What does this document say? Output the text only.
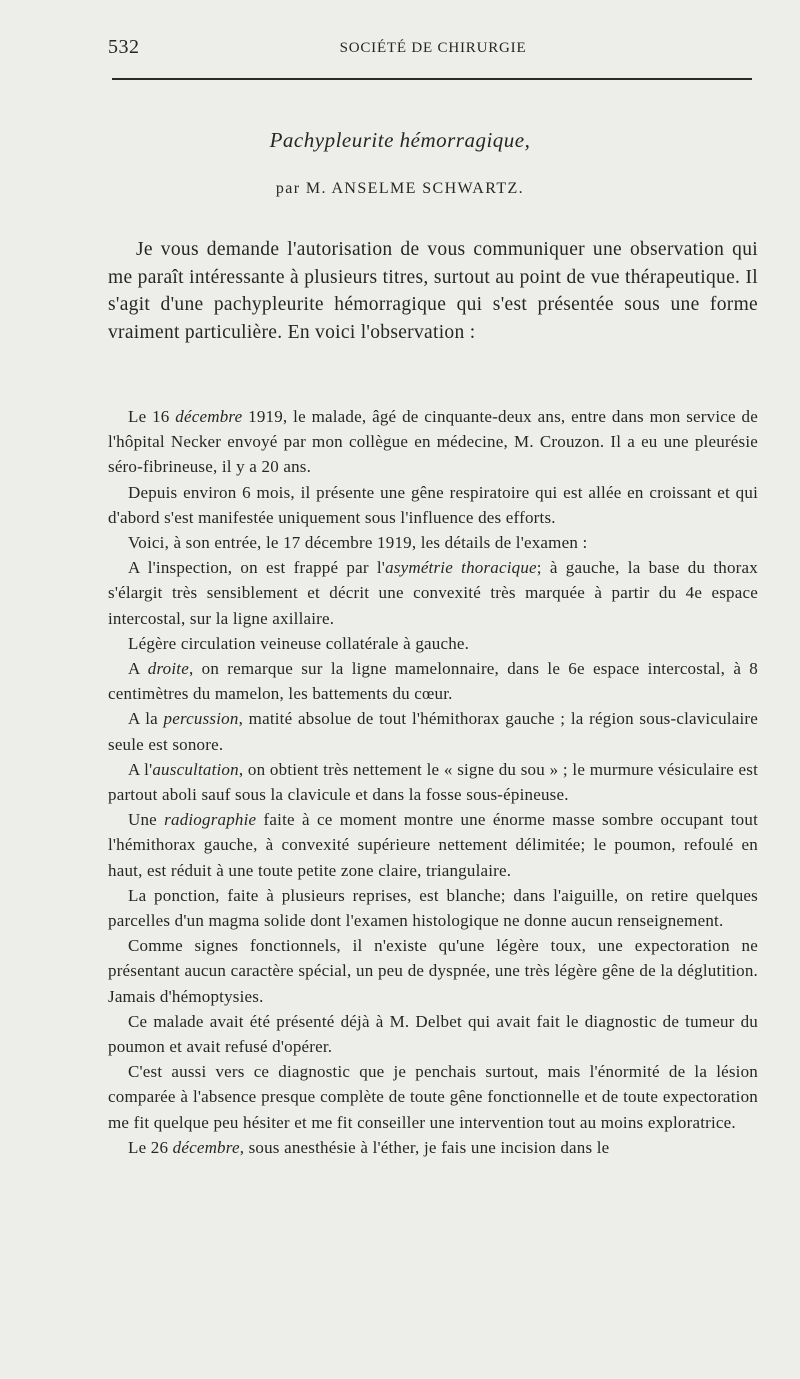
532	SOCIÉTÉ DE CHIRURGIE
Pachypleurite hémorragique,
par M. ANSELME SCHWARTZ.

Je vous demande l'autorisation de vous communiquer une observation qui me paraît intéressante à plusieurs titres, surtout au point de vue thérapeutique. Il s'agit d'une pachypleurite hémorragique qui s'est présentée sous une forme vraiment particulière. En voici l'observation :

Le 16 décembre 1919, le malade, âgé de cinquante-deux ans, entre dans mon service de l'hôpital Necker envoyé par mon collègue en médecine, M. Crouzon. Il a eu une pleurésie séro-fibrineuse, il y a 20 ans.

Depuis environ 6 mois, il présente une gêne respiratoire qui est allée en croissant et qui d'abord s'est manifestée uniquement sous l'influence des efforts.

Voici, à son entrée, le 17 décembre 1919, les détails de l'examen :

A l'inspection, on est frappé par l'asymétrie thoracique; à gauche, la base du thorax s'élargit très sensiblement et décrit une convexité très marquée à partir du 4e espace intercostal, sur la ligne axillaire.

Légère circulation veineuse collatérale à gauche.

A droite, on remarque sur la ligne mamelonnaire, dans le 6e espace intercostal, à 8 centimètres du mamelon, les battements du cœur.

A la percussion, matité absolue de tout l'hémithorax gauche ; la région sous-claviculaire seule est sonore.

A l'auscultation, on obtient très nettement le « signe du sou » ; le murmure vésiculaire est partout aboli sauf sous la clavicule et dans la fosse sous-épineuse.

Une radiographie faite à ce moment montre une énorme masse sombre occupant tout l'hémithorax gauche, à convexité supérieure nettement délimitée; le poumon, refoulé en haut, est réduit à une toute petite zone claire, triangulaire.

La ponction, faite à plusieurs reprises, est blanche; dans l'aiguille, on retire quelques parcelles d'un magma solide dont l'examen histologique ne donne aucun renseignement.

Comme signes fonctionnels, il n'existe qu'une légère toux, une expectoration ne présentant aucun caractère spécial, un peu de dyspnée, une très légère gêne de la déglutition. Jamais d'hémoptysies.

Ce malade avait été présenté déjà à M. Delbet qui avait fait le diagnostic de tumeur du poumon et avait refusé d'opérer.

C'est aussi vers ce diagnostic que je penchais surtout, mais l'énormité de la lésion comparée à l'absence presque complète de toute gêne fonctionnelle et de toute expectoration me fit quelque peu hésiter et me fit conseiller une intervention tout au moins exploratrice.

Le 26 décembre, sous anesthésie à l'éther, je fais une incision dans le
